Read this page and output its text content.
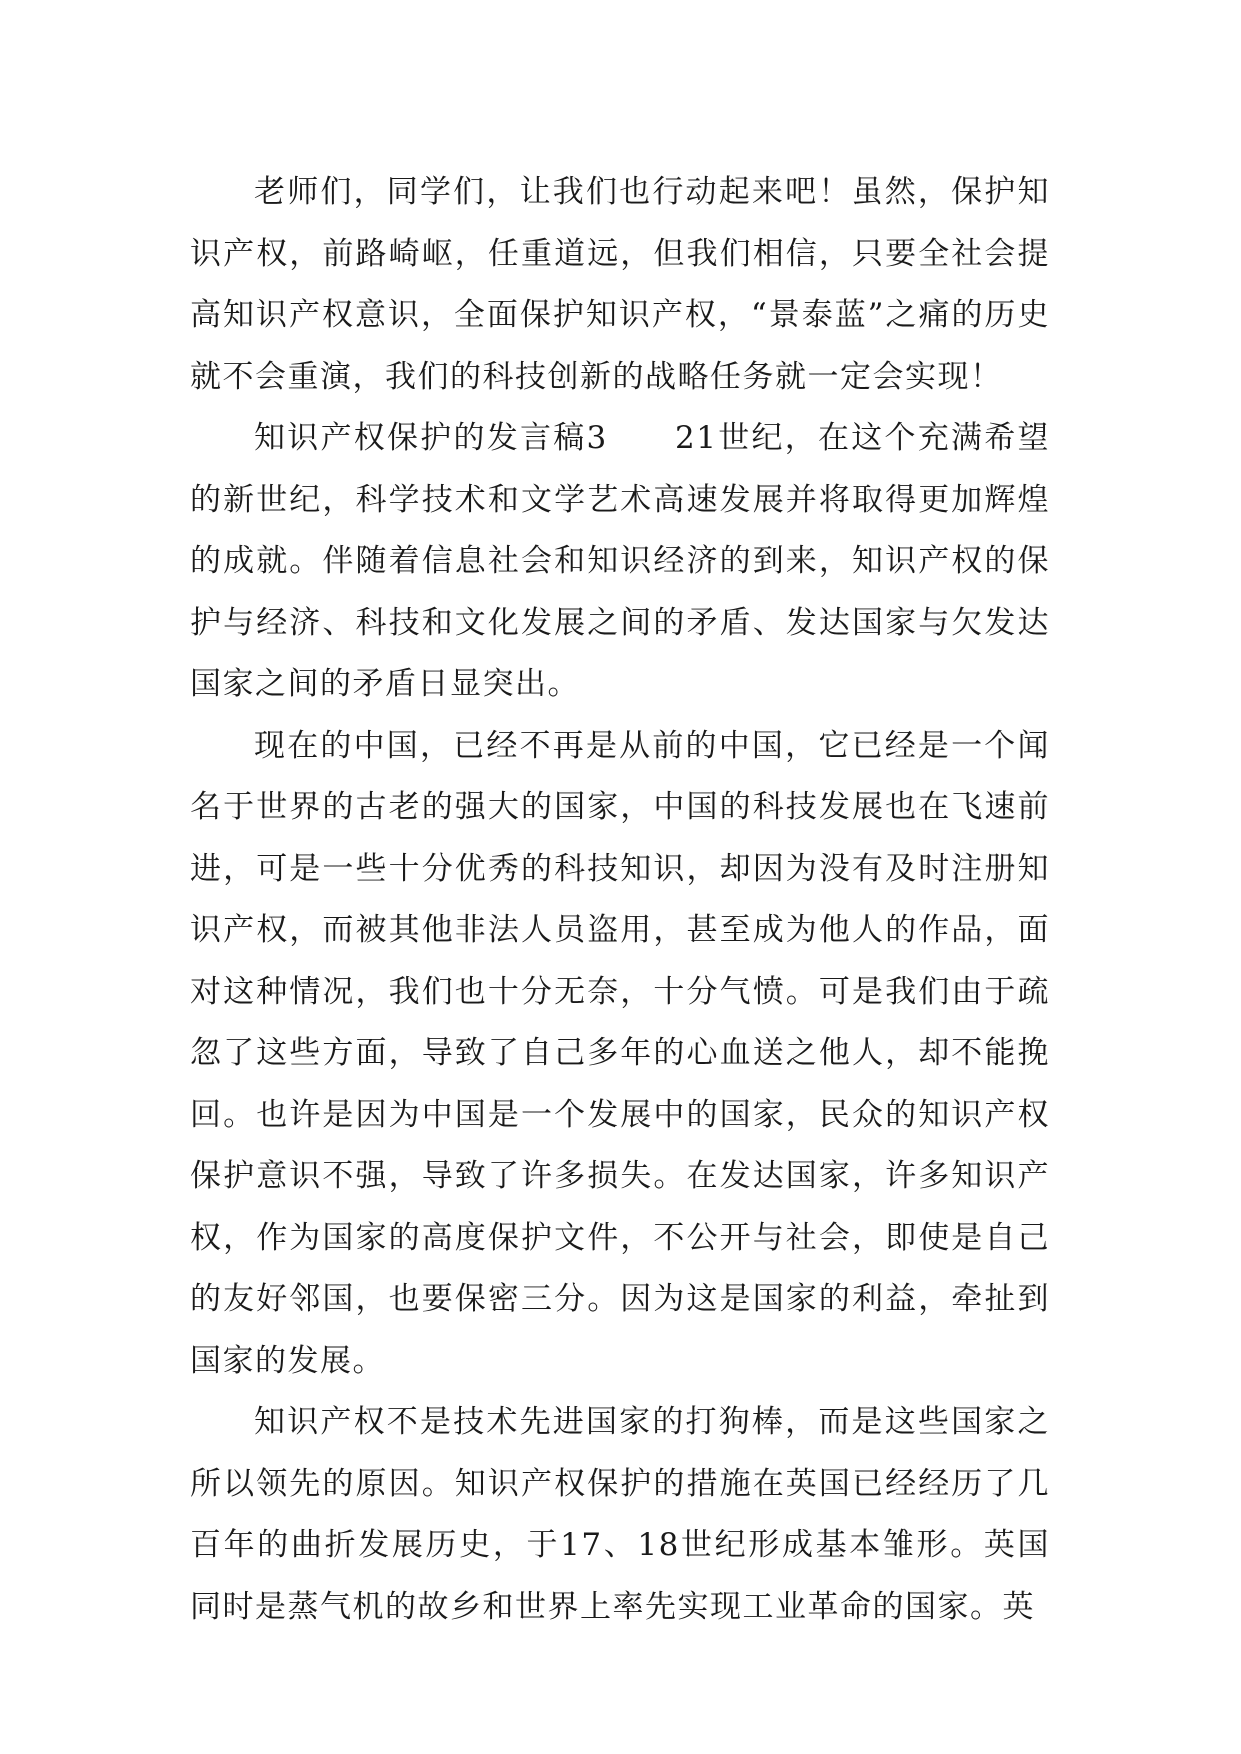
老师们，同学们，让我们也行动起来吧！虽然，保护知识产权，前路崎岖，任重道远，但我们相信，只要全社会提高知识产权意识，全面保护知识产权，“景泰蓝”之痛的历史就不会重演，我们的科技创新的战略任务就一定会实现！

知识产权保护的发言稿3　　21世纪，在这个充满希望的新世纪，科学技术和文学艺术高速发展并将取得更加辉煌的成就。伴随着信息社会和知识经济的到来，知识产权的保护与经济、科技和文化发展之间的矛盾、发达国家与欠发达国家之间的矛盾日显突出。

现在的中国，已经不再是从前的中国，它已经是一个闻名于世界的古老的强大的国家，中国的科技发展也在飞速前进，可是一些十分优秀的科技知识，却因为没有及时注册知识产权，而被其他非法人员盗用，甚至成为他人的作品，面对这种情况，我们也十分无奈，十分气愤。可是我们由于疏忽了这些方面，导致了自己多年的心血送之他人，却不能挽回。也许是因为中国是一个发展中的国家，民众的知识产权保护意识不强，导致了许多损失。在发达国家，许多知识产权，作为国家的高度保护文件，不公开与社会，即使是自己的友好邻国，也要保密三分。因为这是国家的利益，牵扯到国家的发展。

知识产权不是技术先进国家的打狗棒，而是这些国家之所以领先的原因。知识产权保护的措施在英国已经经历了几百年的曲折发展历史，于17、18世纪形成基本雏形。英国同时是蒸气机的故乡和世界上率先实现工业革命的国家。英
